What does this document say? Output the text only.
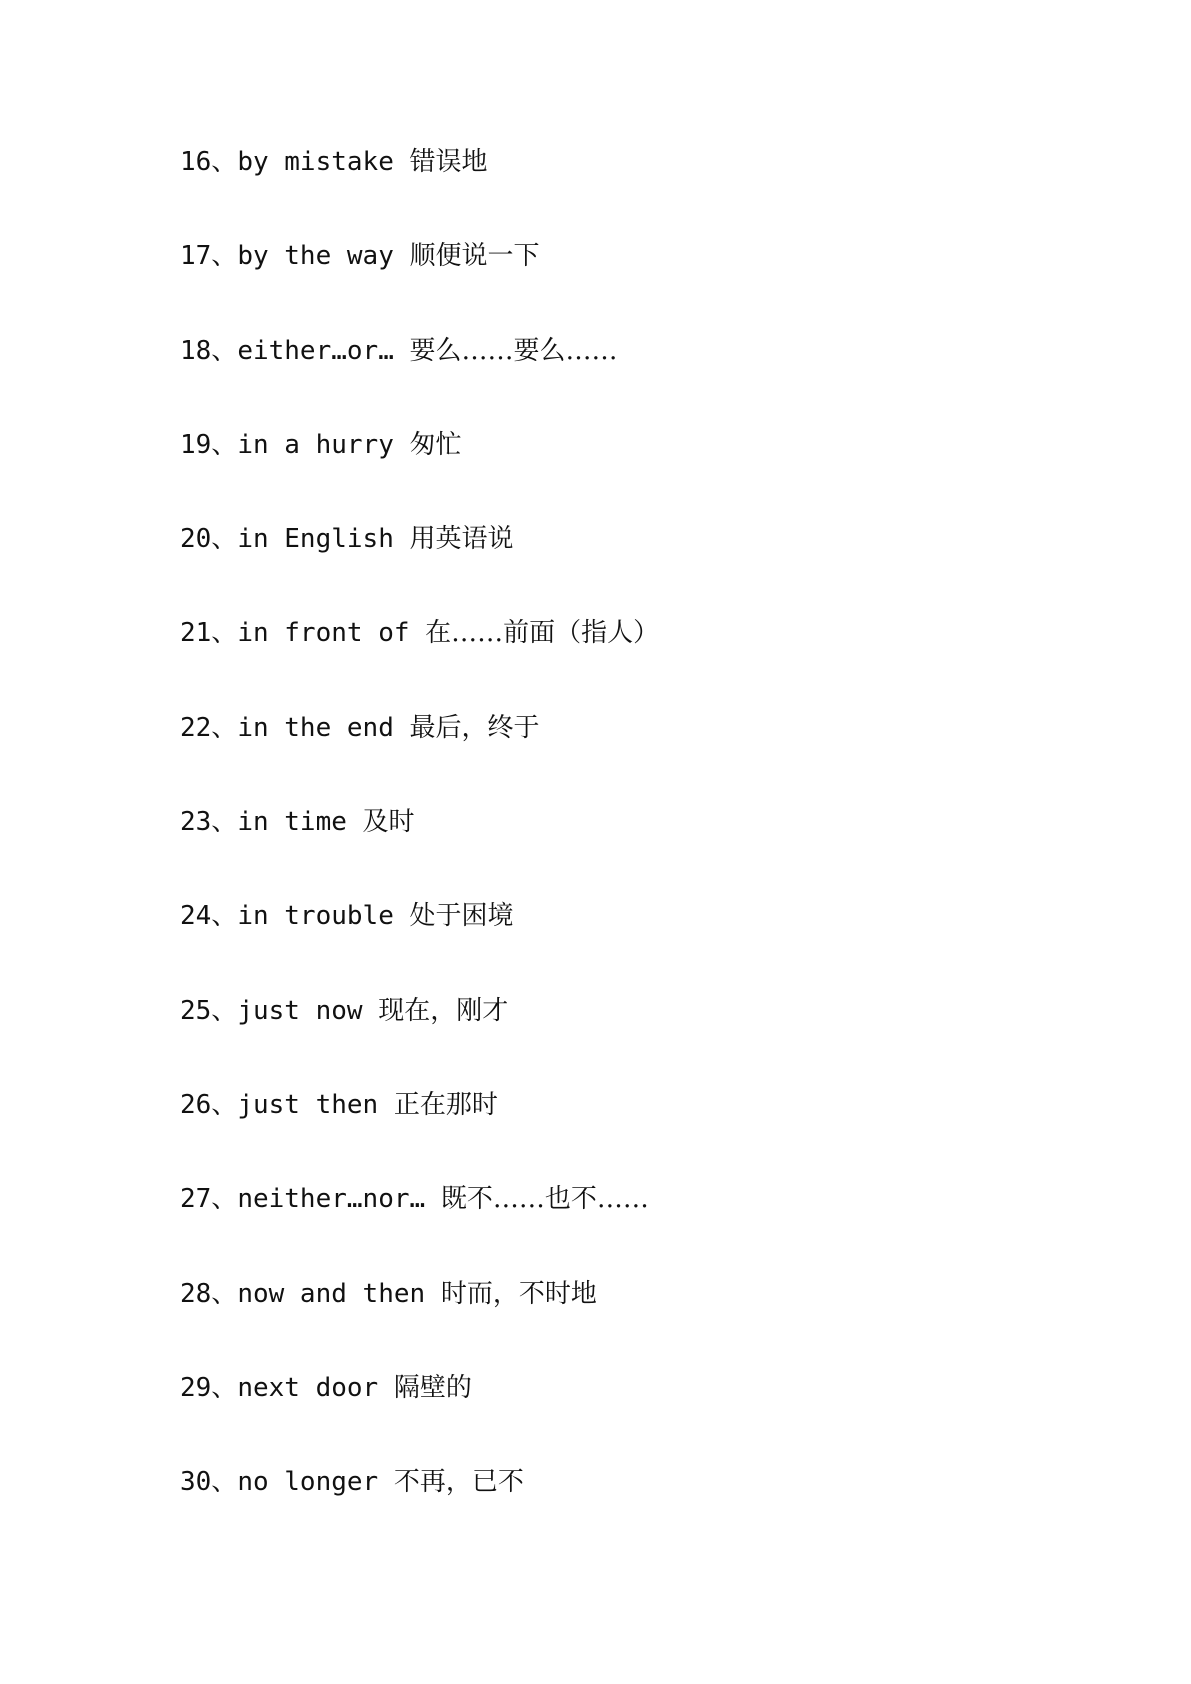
16、by mistake 错误地
17、by the way 顺便说一下
18、either…or… 要么……要么……
19、in a hurry 匆忙
20、in English 用英语说
21、in front of 在……前面（指人）
22、in the end 最后，终于
23、in time 及时
24、in trouble 处于困境
25、just now 现在，刚才
26、just then 正在那时
27、neither…nor… 既不……也不……
28、now and then 时而，不时地
29、next door 隔壁的
30、no longer 不再，已不
